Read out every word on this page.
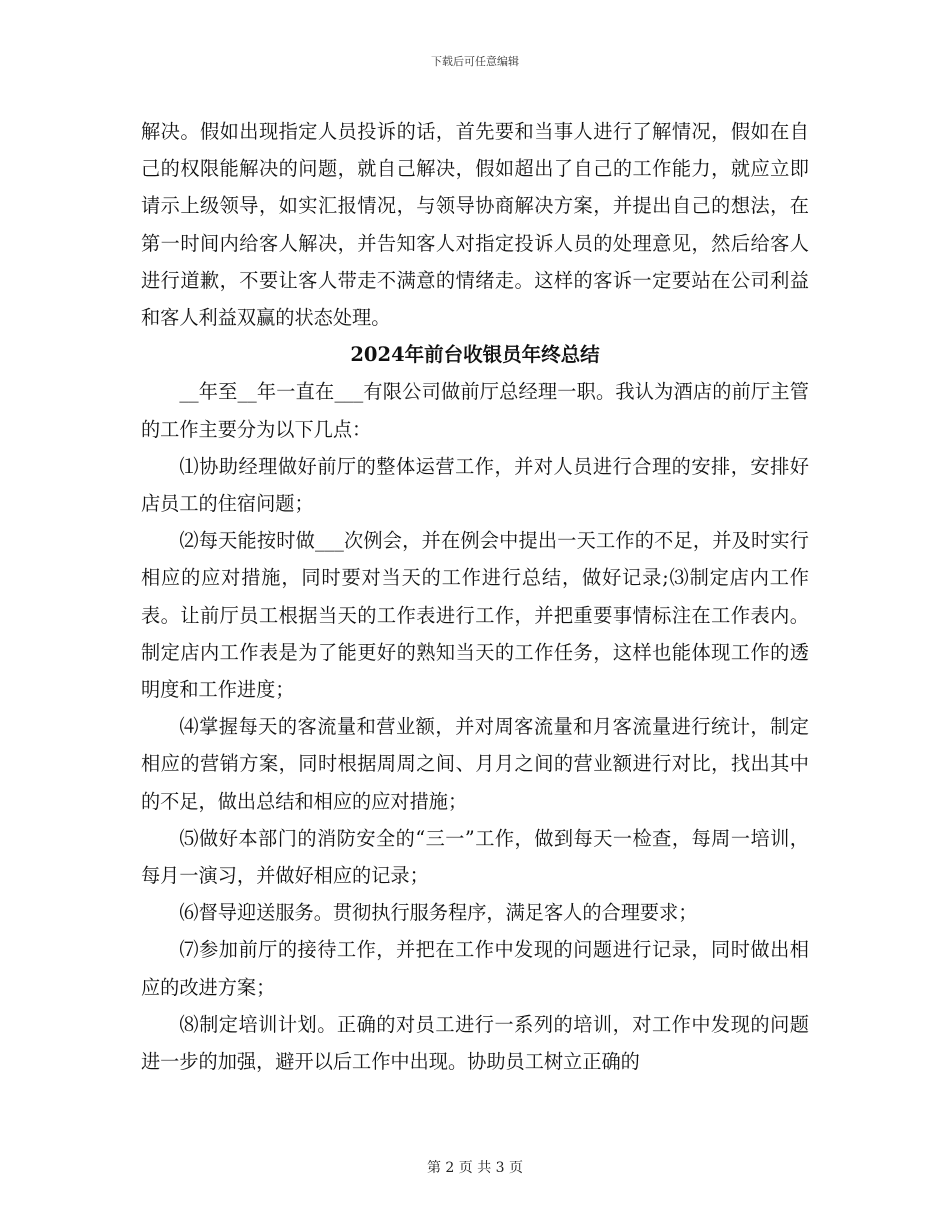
下载后可任意编辑

解决。假如出现指定人员投诉的话，首先要和当事人进行了解情况，假如在自己的权限能解决的问题，就自己解决，假如超出了自己的工作能力，就应立即请示上级领导，如实汇报情况，与领导协商解决方案，并提出自己的想法，在第一时间内给客人解决，并告知客人对指定投诉人员的处理意见，然后给客人进行道歉，不要让客人带走不满意的情绪走。这样的客诉一定要站在公司利益和客人利益双赢的状态处理。

2024年前台收银员年终总结

__年至__年一直在___有限公司做前厅总经理一职。我认为酒店的前厅主管的工作主要分为以下几点：

⑴协助经理做好前厅的整体运营工作，并对人员进行合理的安排，安排好店员工的住宿问题；

⑵每天能按时做___次例会，并在例会中提出一天工作的不足，并及时实行相应的应对措施，同时要对当天的工作进行总结，做好记录;⑶制定店内工作表。让前厅员工根据当天的工作表进行工作，并把重要事情标注在工作表内。制定店内工作表是为了能更好的熟知当天的工作任务，这样也能体现工作的透明度和工作进度；

⑷掌握每天的客流量和营业额，并对周客流量和月客流量进行统计，制定相应的营销方案，同时根据周周之间、月月之间的营业额进行对比，找出其中的不足，做出总结和相应的应对措施；

⑸做好本部门的消防安全的“三一”工作，做到每天一检查，每周一培训，每月一演习，并做好相应的记录；

⑹督导迎送服务。贯彻执行服务程序，满足客人的合理要求；

⑺参加前厅的接待工作，并把在工作中发现的问题进行记录，同时做出相应的改进方案；

⑻制定培训计划。正确的对员工进行一系列的培训，对工作中发现的问题进一步的加强，避开以后工作中出现。协助员工树立正确的

第 2 页 共 3 页
